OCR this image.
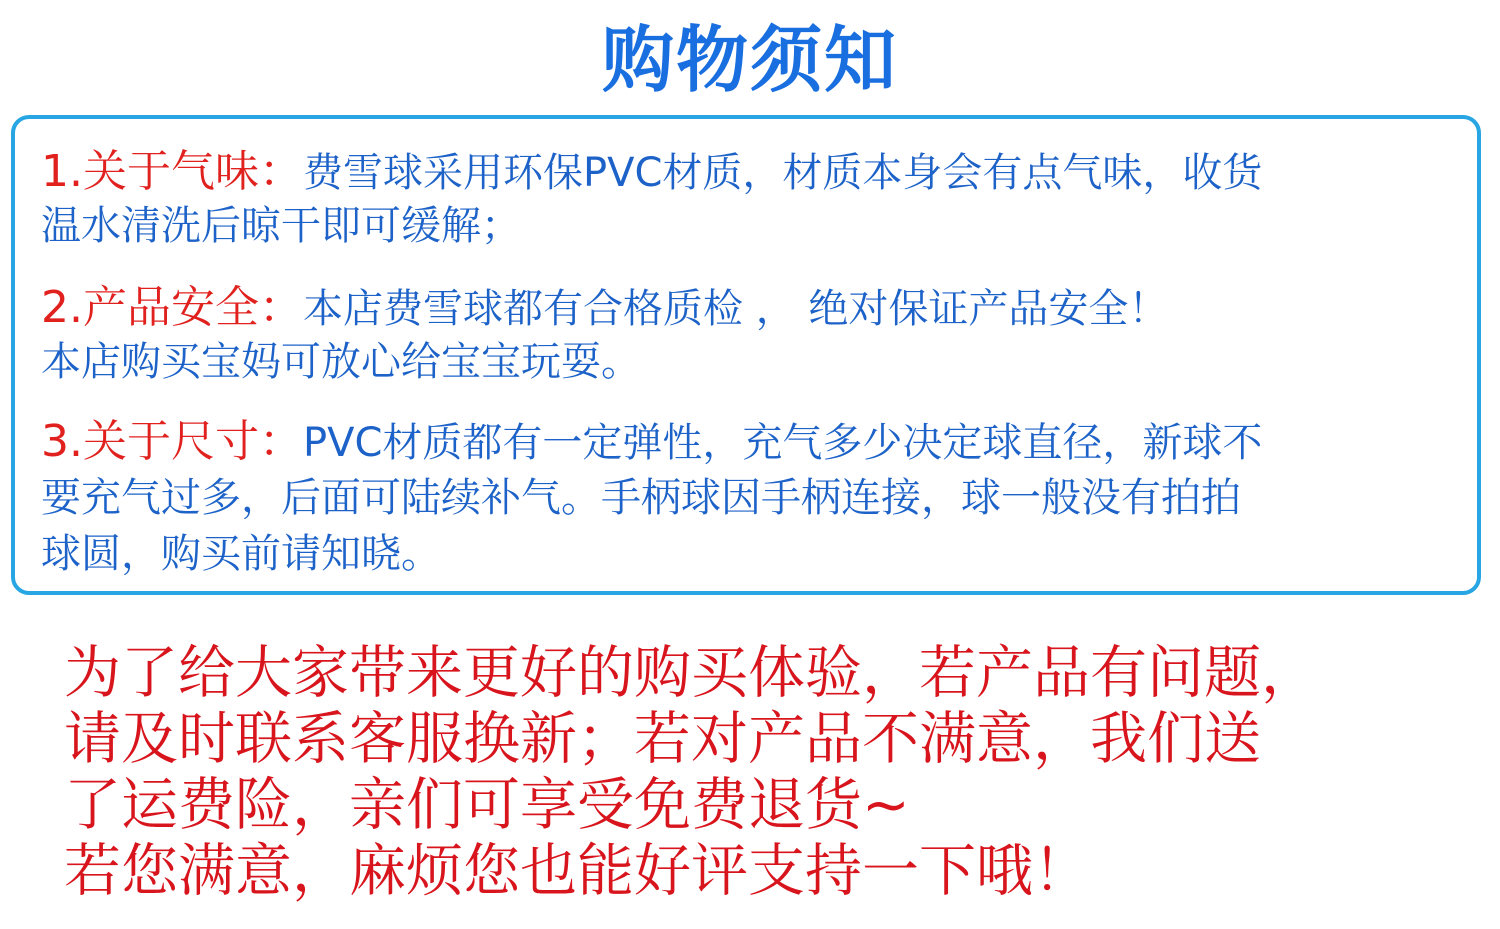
购物须知
1.关于气味：费雪球采用环保PVC材质，材质本身会有点气味，收货
温水清洗后晾干即可缓解；
2.产品安全：本店费雪球都有合格质检 ， 绝对保证产品安全！
本店购买宝妈可放心给宝宝玩耍。
3.关于尺寸：PVC材质都有一定弹性，充气多少决定球直径，新球不
要充气过多，后面可陆续补气。手柄球因手柄连接，球一般没有拍拍
球圆，购买前请知晓。
为了给大家带来更好的购买体验，若产品有问题，
请及时联系客服换新；若对产品不满意，我们送
了运费险，亲们可享受免费退货~
若您满意，麻烦您也能好评支持一下哦！
